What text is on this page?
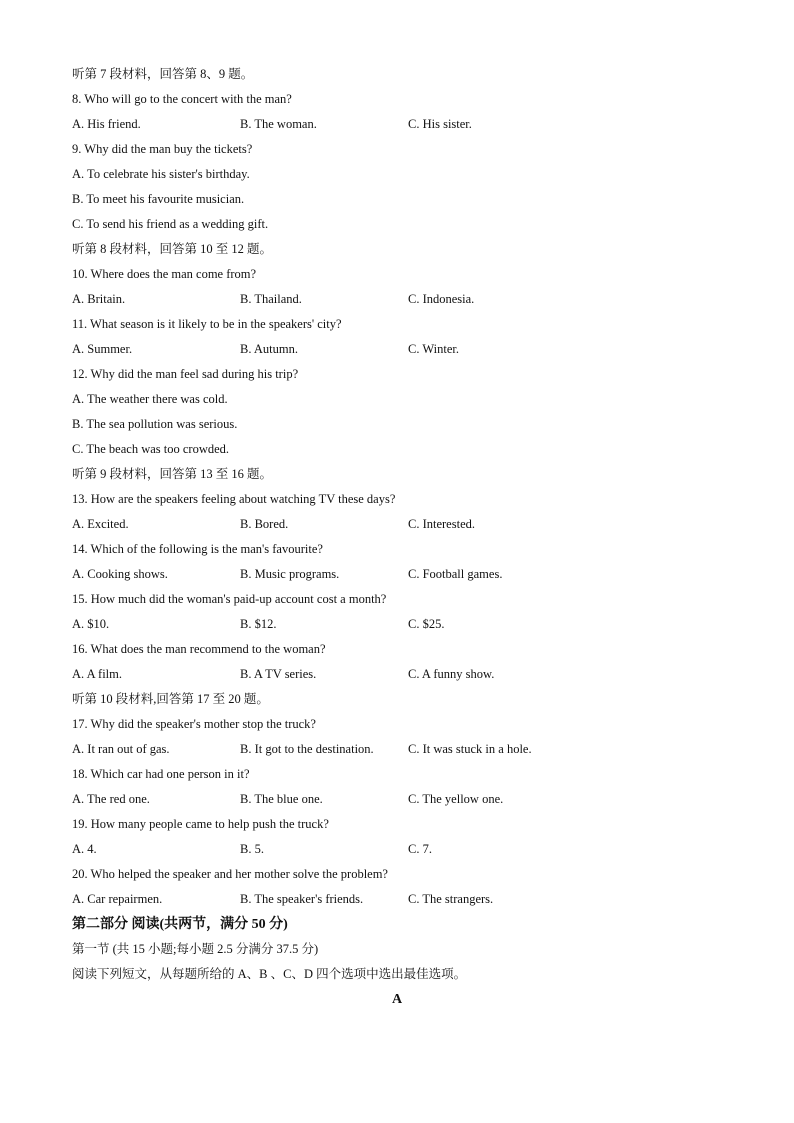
听第 7 段材料，回答第 8、9 题。
8. Who will go to the concert with the man?
A. His friend.	B. The woman.	C. His sister.
9. Why did the man buy the tickets?
A. To celebrate his sister's birthday.
B. To meet his favourite musician.
C. To send his friend as a wedding gift.
听第 8 段材料，回答第 10 至 12 题。
10. Where does the man come from?
A. Britain.	B. Thailand.	C. Indonesia.
11. What season is it likely to be in the speakers' city?
A. Summer.	B. Autumn.	C. Winter.
12. Why did the man feel sad during his trip?
A. The weather there was cold.
B. The sea pollution was serious.
C. The beach was too crowded.
听第 9 段材料，回答第 13 至 16 题。
13. How are the speakers feeling about watching TV these days?
A. Excited.	B. Bored.	C. Interested.
14. Which of the following is the man's favourite?
A. Cooking shows.	B. Music programs.	C. Football games.
15. How much did the woman's paid-up account cost a month?
A. $10.	B. $12.	C. $25.
16. What does the man recommend to the woman?
A. A film.	B. A TV series.	C. A funny show.
听第 10 段材料,回答第 17 至 20 题。
17. Why did the speaker's mother stop the truck?
A. It ran out of gas.	B. It got to the destination.	C. It was stuck in a hole.
18. Which car had one person in it?
A. The red one.	B. The blue one.	C. The yellow one.
19. How many people came to help push the truck?
A. 4.	B. 5.	C. 7.
20. Who helped the speaker and her mother solve the problem?
A. Car repairmen.	B. The speaker's friends.	C. The strangers.
第二部分 阅读(共两节，满分 50 分)
第一节 (共 15 小题;每小题 2.5 分满分 37.5 分)
阅读下列短文，从每题所给的 A、B 、C、D 四个选项中选出最佳选项。
A
